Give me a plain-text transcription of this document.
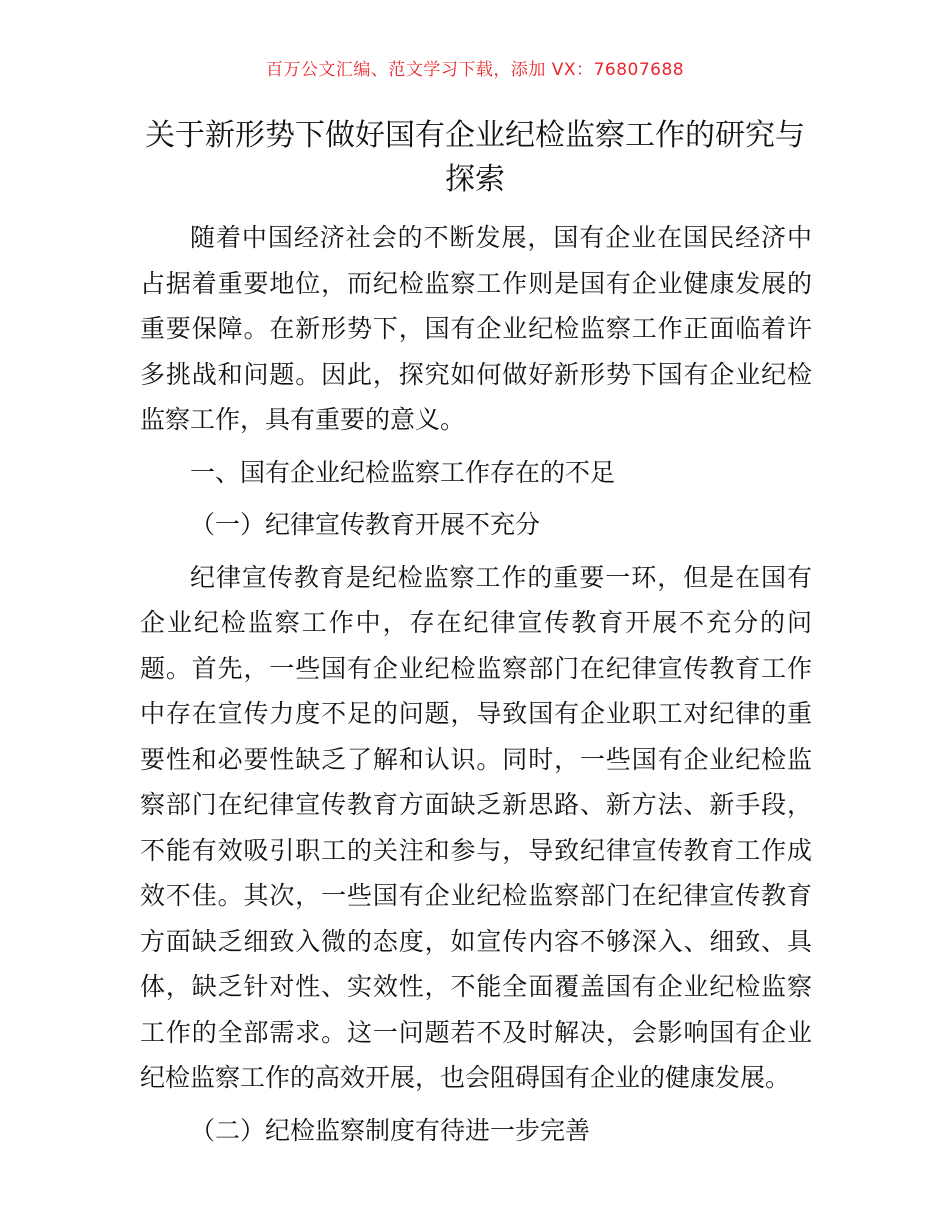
百万公文汇编、范文学习下载，添加 VX：76807688
关于新形势下做好国有企业纪检监察工作的研究与探索

随着中国经济社会的不断发展，国有企业在国民经济中占据着重要地位，而纪检监察工作则是国有企业健康发展的重要保障。在新形势下，国有企业纪检监察工作正面临着许多挑战和问题。因此，探究如何做好新形势下国有企业纪检监察工作，具有重要的意义。

一、国有企业纪检监察工作存在的不足

（一）纪律宣传教育开展不充分

纪律宣传教育是纪检监察工作的重要一环，但是在国有企业纪检监察工作中，存在纪律宣传教育开展不充分的问题。首先，一些国有企业纪检监察部门在纪律宣传教育工作中存在宣传力度不足的问题，导致国有企业职工对纪律的重要性和必要性缺乏了解和认识。同时，一些国有企业纪检监察部门在纪律宣传教育方面缺乏新思路、新方法、新手段，不能有效吸引职工的关注和参与，导致纪律宣传教育工作成效不佳。其次，一些国有企业纪检监察部门在纪律宣传教育方面缺乏细致入微的态度，如宣传内容不够深入、细致、具体，缺乏针对性、实效性，不能全面覆盖国有企业纪检监察工作的全部需求。这一问题若不及时解决，会影响国有企业纪检监察工作的高效开展，也会阻碍国有企业的健康发展。

（二）纪检监察制度有待进一步完善
